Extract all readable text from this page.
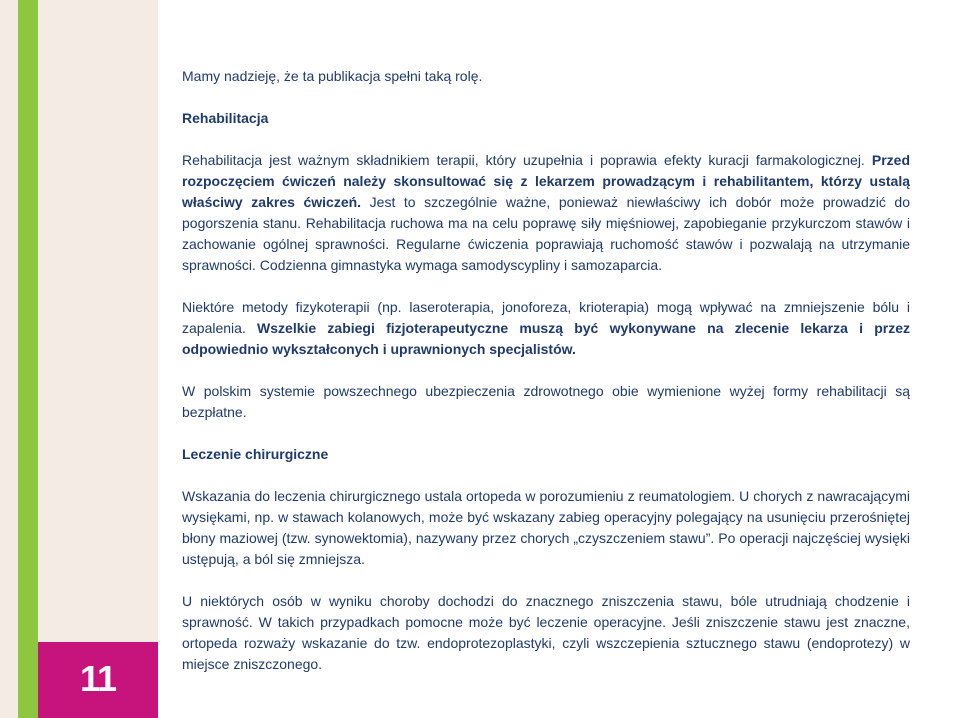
11

Mamy nadzieję, że ta publikacja spełni taką rolę.

Rehabilitacja

Rehabilitacja jest ważnym składnikiem terapii, który uzupełnia i poprawia efekty kuracji farmakologicznej. Przed rozpoczęciem ćwiczeń należy skonsultować się z lekarzem prowadzącym i rehabilitantem, którzy ustalą właściwy zakres ćwiczeń. Jest to szczególnie ważne, ponieważ niewłaściwy ich dobór może prowadzić do pogorszenia stanu. Rehabilitacja ruchowa ma na celu poprawę siły mięśniowej, zapobieganie przykurczom stawów i zachowanie ogólnej sprawności. Regularne ćwiczenia poprawiają ruchomość stawów i pozwalają na utrzymanie sprawności. Codzienna gimnastyka wymaga samodyscypliny i samozaparcia.

Niektóre metody fizykoterapii (np. laseroterapia, jonoforeza, krioterapia) mogą wpływać na zmniejszenie bólu i zapalenia. Wszelkie zabiegi fizjoterapeutyczne muszą być wykonywane na zlecenie lekarza i przez odpowiednio wykształconych i uprawnionych specjalistów.

W polskim systemie powszechnego ubezpieczenia zdrowotnego obie wymienione wyżej formy rehabilitacji są bezpłatne.

Leczenie chirurgiczne

Wskazania do leczenia chirurgicznego ustala ortopeda w porozumieniu z reumatologiem. U chorych z nawracającymi wysiękami, np. w stawach kolanowych, może być wskazany zabieg operacyjny polegający na usunięciu przerośniętej błony maziowej (tzw. synowektomia), nazywany przez chorych „czyszczeniem stawu”. Po operacji najczęściej wysięki ustępują, a ból się zmniejsza.

U niektórych osób w wyniku choroby dochodzi do znacznego zniszczenia stawu, bóle utrudniają chodzenie i sprawność. W takich przypadkach pomocne może być leczenie operacyjne. Jeśli zniszczenie stawu jest znaczne, ortopeda rozważy wskazanie do tzw. endoprotezoplastyki, czyli wszczepienia sztucznego stawu (endoprotezy) w miejsce zniszczonego.
